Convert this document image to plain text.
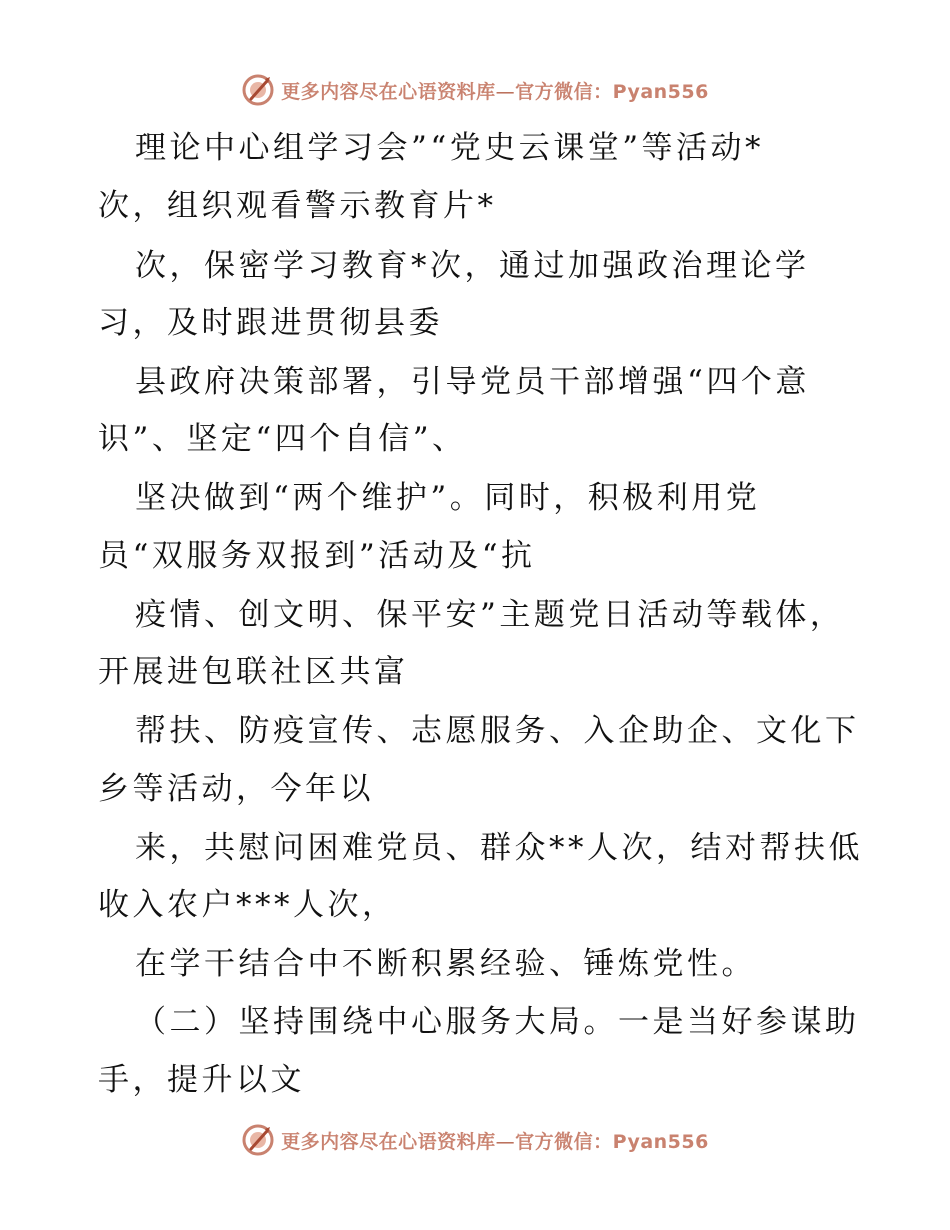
更多内容尽在心语资料库—官方微信：Pyan556
理论中心组学习会”“党史云课堂”等活动*
次，组织观看警示教育片*
次，保密学习教育*次，通过加强政治理论学
习，及时跟进贯彻县委
县政府决策部署，引导党员干部增强“四个意
识”、坚定“四个自信”、
坚决做到“两个维护”。同时，积极利用党
员“双服务双报到”活动及“抗
疫情、创文明、保平安”主题党日活动等载体，
开展进包联社区共富
帮扶、防疫宣传、志愿服务、入企助企、文化下
乡等活动，今年以
来，共慰问困难党员、群众**人次，结对帮扶低
收入农户***人次，
在学干结合中不断积累经验、锤炼党性。
（二）坚持围绕中心服务大局。一是当好参谋助
手，提升以文
更多内容尽在心语资料库—官方微信：Pyan556
